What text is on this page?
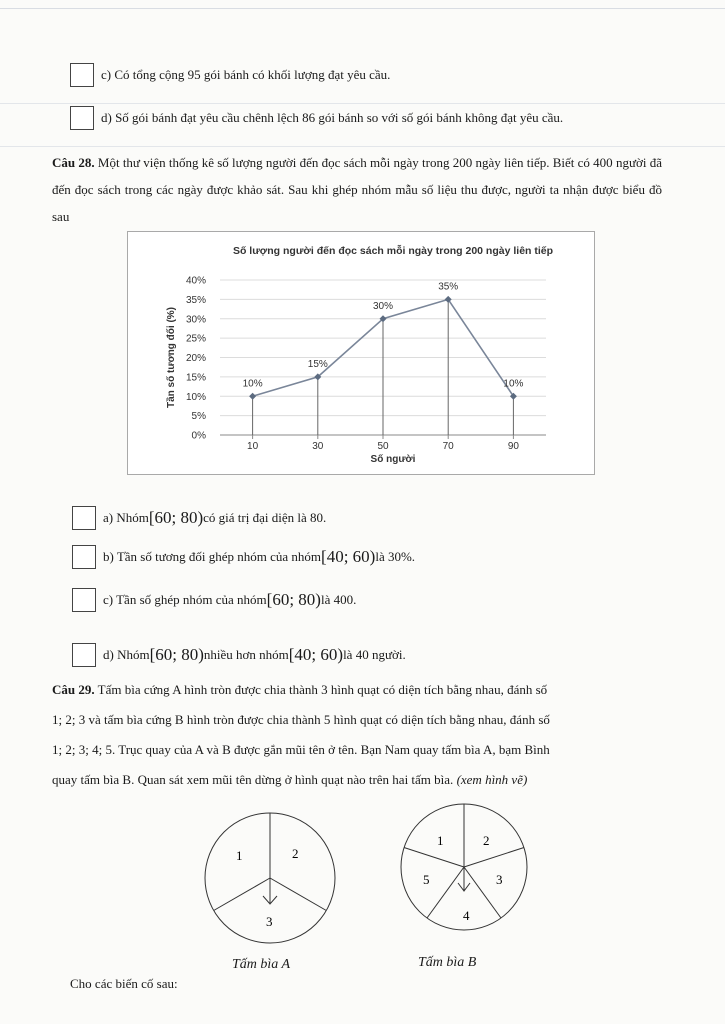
c) Có tổng cộng 95 gói bánh có khối lượng đạt yêu cầu.
d) Số gói bánh đạt yêu cầu chênh lệch 86 gói bánh so với số gói bánh không đạt yêu cầu.
Câu 28. Một thư viện thống kê số lượng người đến đọc sách mỗi ngày trong 200 ngày liên tiếp. Biết có 400 người đã đến đọc sách trong các ngày được khảo sát. Sau khi ghép nhóm mẫu số liệu thu được, người ta nhận được biểu đồ sau
Số lượng người đến đọc sách mỗi ngày trong 200 ngày liên tiếp
0%
5%
10%
15%
20%
25%
30%
35%
40%
10	30	50	70	90
Số người
Tần số tương đối (%)	10%
15%
30%
35%
10%
a) Nhóm [60; 80) có giá trị đại diện là 80.
b) Tần số tương đối ghép nhóm của nhóm [40; 60) là 30%.
c) Tần số ghép nhóm của nhóm [60; 80) là 400.
d) Nhóm [60; 80) nhiều hơn nhóm [40; 60) là 40 người.
Câu 29. Tấm bìa cứng A hình tròn được chia thành 3 hình quạt có diện tích bằng nhau, đánh số
1; 2; 3 và tấm bìa cứng B hình tròn được chia thành 5 hình quạt có diện tích bằng nhau, đánh số
1; 2; 3; 4; 5. Trục quay của A và B được gắn mũi tên ở tên. Bạn Nam quay tấm bìa A, bạm Bình
quay tấm bìa B. Quan sát xem mũi tên dừng ở hình quạt nào trên hai tấm bìa. (xem hình vẽ)
1	2
3
Tấm bìa A
1	2
3
4
5
Tấm bìa B
Cho các biến cố sau:
